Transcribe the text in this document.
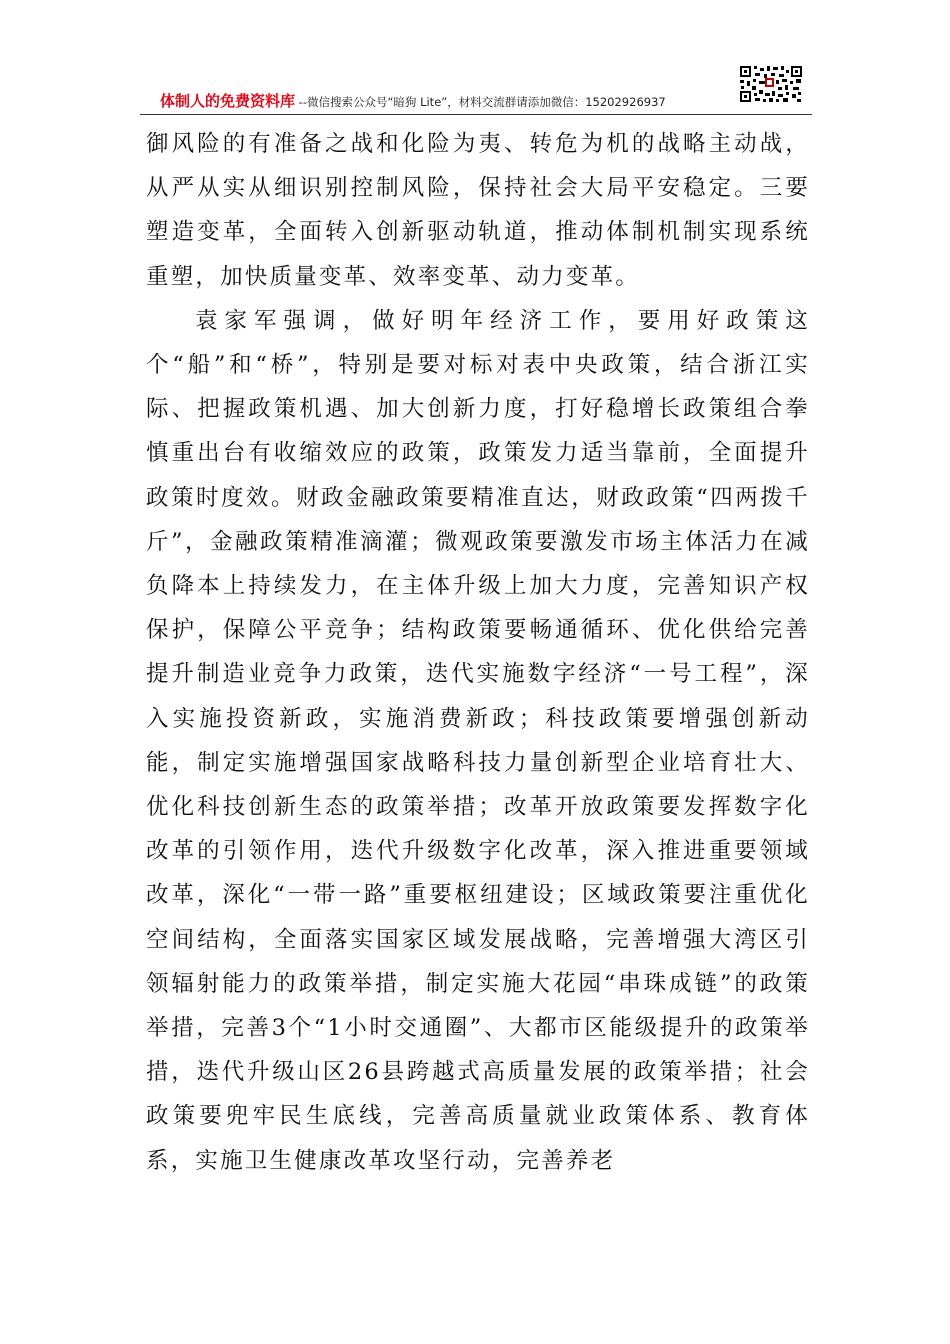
体制人的免费资料库 --微信搜索公众号“暗狗 Lite”，材料交流群请添加微信：15202926937

御风险的有准备之战和化险为夷、转危为机的战略主动战，从严从实从细识别控制风险，保持社会大局平安稳定。三要塑造变革，全面转入创新驱动轨道，推动体制机制实现系统重塑，加快质量变革、效率变革、动力变革。

袁家军强调，做好明年经济工作，要用好政策这个“船”和“桥”，特别是要对标对表中央政策，结合浙江实际、把握政策机遇、加大创新力度，打好稳增长政策组合拳慎重出台有收缩效应的政策，政策发力适当靠前，全面提升政策时度效。财政金融政策要精准直达，财政政策“四两拨千斤”，金融政策精准滴灌；微观政策要激发市场主体活力在减负降本上持续发力，在主体升级上加大力度，完善知识产权保护，保障公平竞争；结构政策要畅通循环、优化供给完善提升制造业竞争力政策，迭代实施数字经济“一号工程”，深入实施投资新政，实施消费新政；科技政策要增强创新动能，制定实施增强国家战略科技力量创新型企业培育壮大、优化科技创新生态的政策举措；改革开放政策要发挥数字化改革的引领作用，迭代升级数字化改革，深入推进重要领域改革，深化“一带一路”重要枢纽建设；区域政策要注重优化空间结构，全面落实国家区域发展战略，完善增强大湾区引领辐射能力的政策举措，制定实施大花园“串珠成链”的政策举措，完善3个“1小时交通圈”、大都市区能级提升的政策举措，迭代升级山区26县跨越式高质量发展的政策举措；社会政策要兜牢民生底线，完善高质量就业政策体系、教育体系，实施卫生健康改革攻坚行动，完善养老
